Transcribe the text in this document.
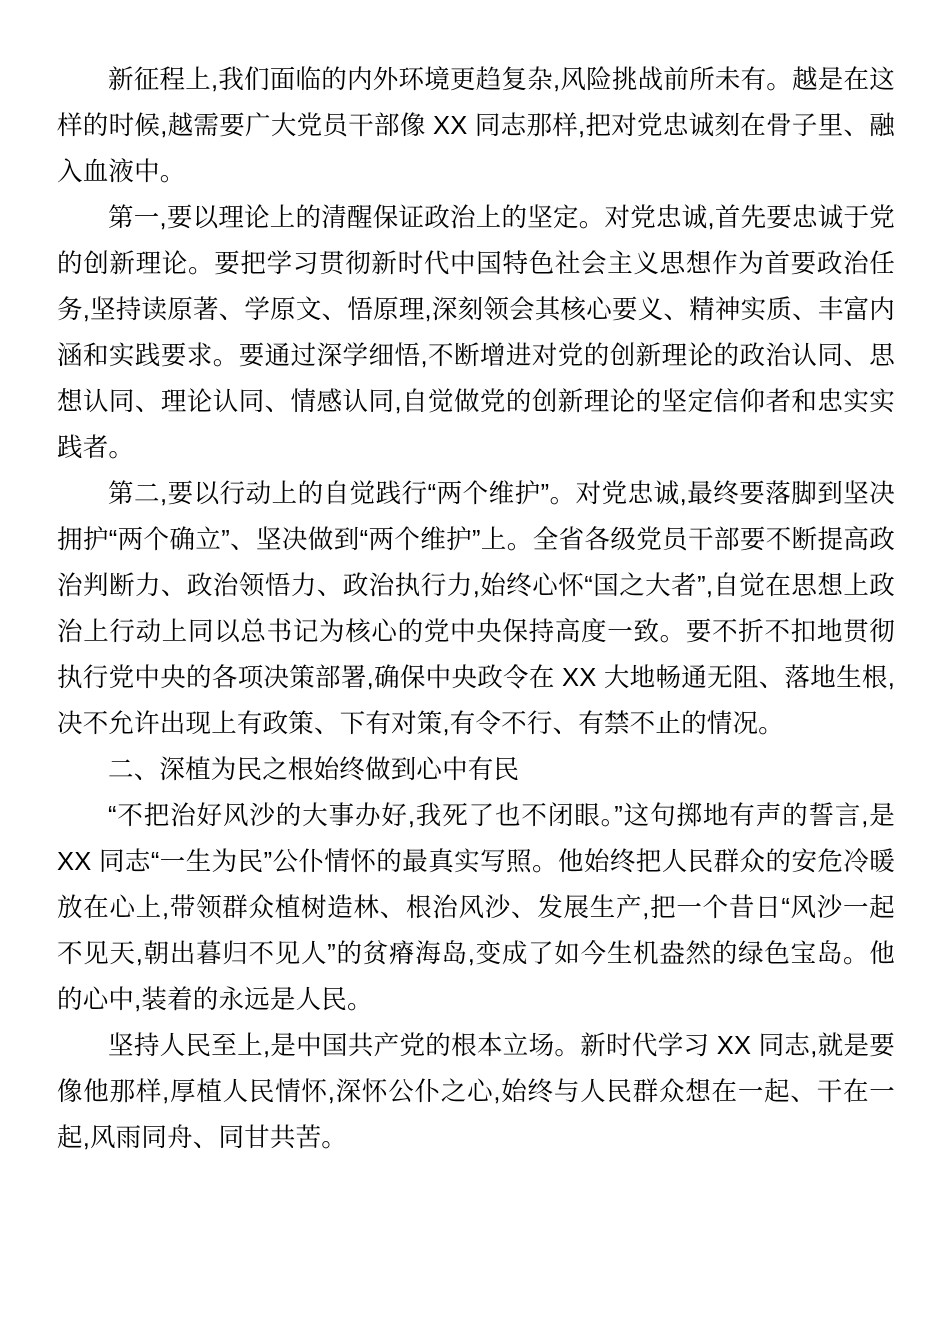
新征程上,我们面临的内外环境更趋复杂,风险挑战前所未有。越是在这样的时候,越需要广大党员干部像 XX 同志那样,把对党忠诚刻在骨子里、融入血液中。

第一,要以理论上的清醒保证政治上的坚定。对党忠诚,首先要忠诚于党的创新理论。要把学习贯彻新时代中国特色社会主义思想作为首要政治任务,坚持读原著、学原文、悟原理,深刻领会其核心要义、精神实质、丰富内涵和实践要求。要通过深学细悟,不断增进对党的创新理论的政治认同、思想认同、理论认同、情感认同,自觉做党的创新理论的坚定信仰者和忠实实践者。

第二,要以行动上的自觉践行“两个维护”。对党忠诚,最终要落脚到坚决拥护“两个确立”、坚决做到“两个维护”上。全省各级党员干部要不断提高政治判断力、政治领悟力、政治执行力,始终心怀“国之大者”,自觉在思想上政治上行动上同以总书记为核心的党中央保持高度一致。要不折不扣地贯彻执行党中央的各项决策部署,确保中央政令在 XX 大地畅通无阻、落地生根,决不允许出现上有政策、下有对策,有令不行、有禁不止的情况。

二、深植为民之根始终做到心中有民

“不把治好风沙的大事办好,我死了也不闭眼。”这句掷地有声的誓言,是 XX 同志“一生为民”公仆情怀的最真实写照。他始终把人民群众的安危冷暖放在心上,带领群众植树造林、根治风沙、发展生产,把一个昔日“风沙一起不见天,朝出暮归不见人”的贫瘠海岛,变成了如今生机盎然的绿色宝岛。他的心中,装着的永远是人民。

坚持人民至上,是中国共产党的根本立场。新时代学习 XX 同志,就是要像他那样,厚植人民情怀,深怀公仆之心,始终与人民群众想在一起、干在一起,风雨同舟、同甘共苦。
